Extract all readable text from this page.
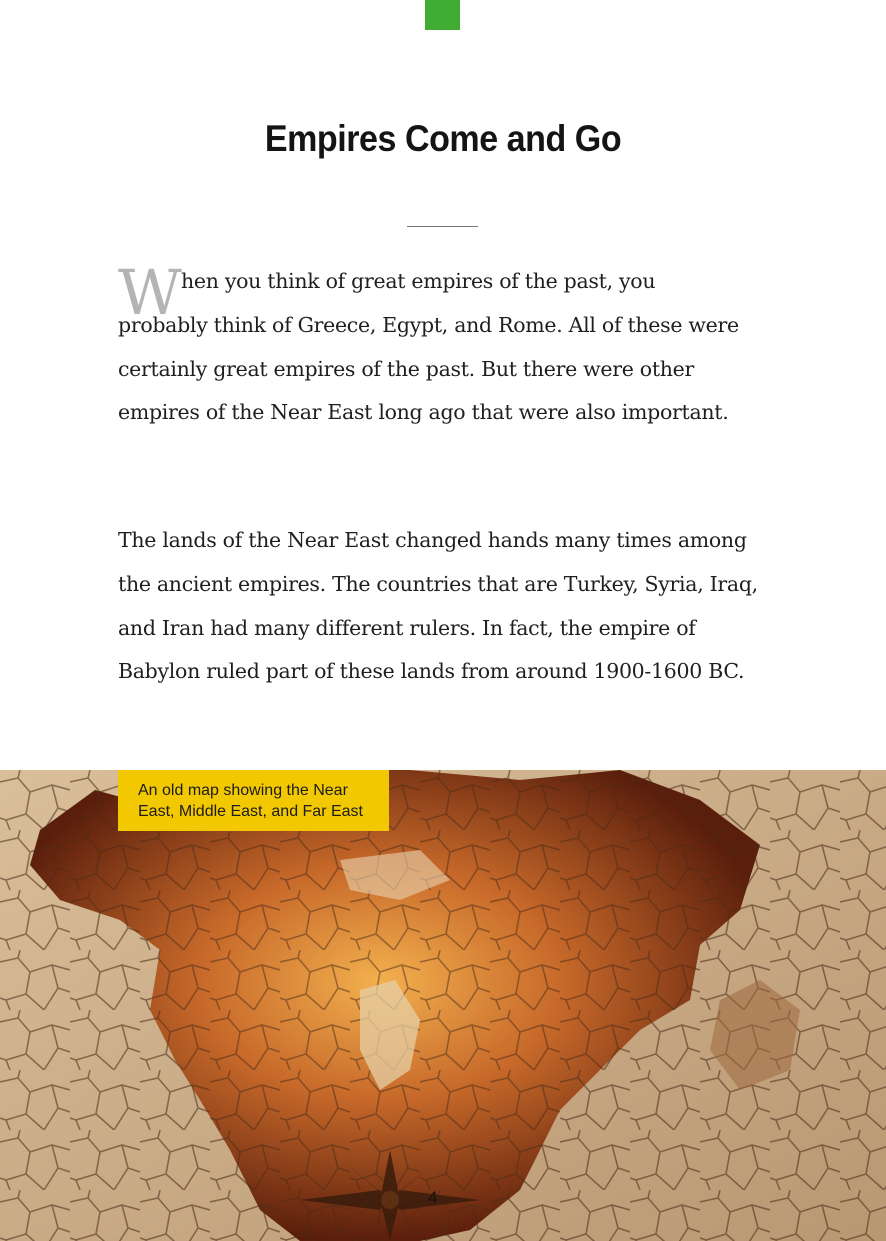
Empires Come and Go
W hen you think of great empires of the past, you
probably think of Greece, Egypt, and Rome. All of these were certainly great empires of the past. But there were other empires of the Near East long ago that were also important.
The lands of the Near East changed hands many times among the ancient empires. The countries that are Turkey, Syria, Iraq, and Iran had many different rulers. In fact, the empire of Babylon ruled part of these lands from around 1900-1600 BC.
An old map showing the Near East, Middle East, and Far East
4
